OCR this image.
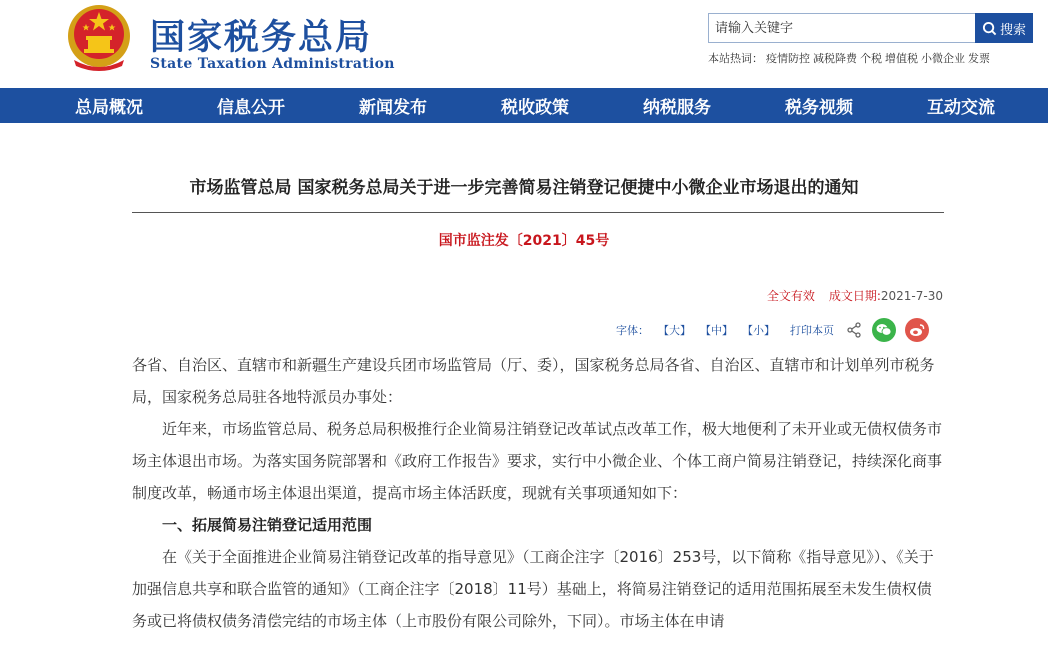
国家税务总局
State Taxation Administration
请输入关键字
搜索
本站热词： 疫情防控 减税降费 个税 增值税 小微企业 发票
总局概况	信息公开	新闻发布	税收政策	纳税服务	税务视频	互动交流
市场监管总局 国家税务总局关于进一步完善简易注销登记便捷中小微企业市场退出的通知
国市监注发〔2021〕45号
全文有效 成文日期:2021-7-30
字体： 【大】 【中】 【小】 打印本页

各省、自治区、直辖市和新疆生产建设兵团市场监管局（厅、委），国家税务总局各省、自治区、直辖市和计划单列市税务局，国家税务总局驻各地特派员办事处：

近年来，市场监管总局、税务总局积极推行企业简易注销登记改革试点改革工作，极大地便利了未开业或无债权债务市场主体退出市场。为落实国务院部署和《政府工作报告》要求，实行中小微企业、个体工商户简易注销登记，持续深化商事制度改革，畅通市场主体退出渠道，提高市场主体活跃度，现就有关事项通知如下：

一、拓展简易注销登记适用范围

在《关于全面推进企业简易注销登记改革的指导意见》（工商企注字〔2016〕253号，以下简称《指导意见》）、《关于加强信息共享和联合监管的通知》（工商企注字〔2018〕11号）基础上，将简易注销登记的适用范围拓展至未发生债权债务或已将债权债务清偿完结的市场主体（上市股份有限公司除外，下同）。市场主体在申请
